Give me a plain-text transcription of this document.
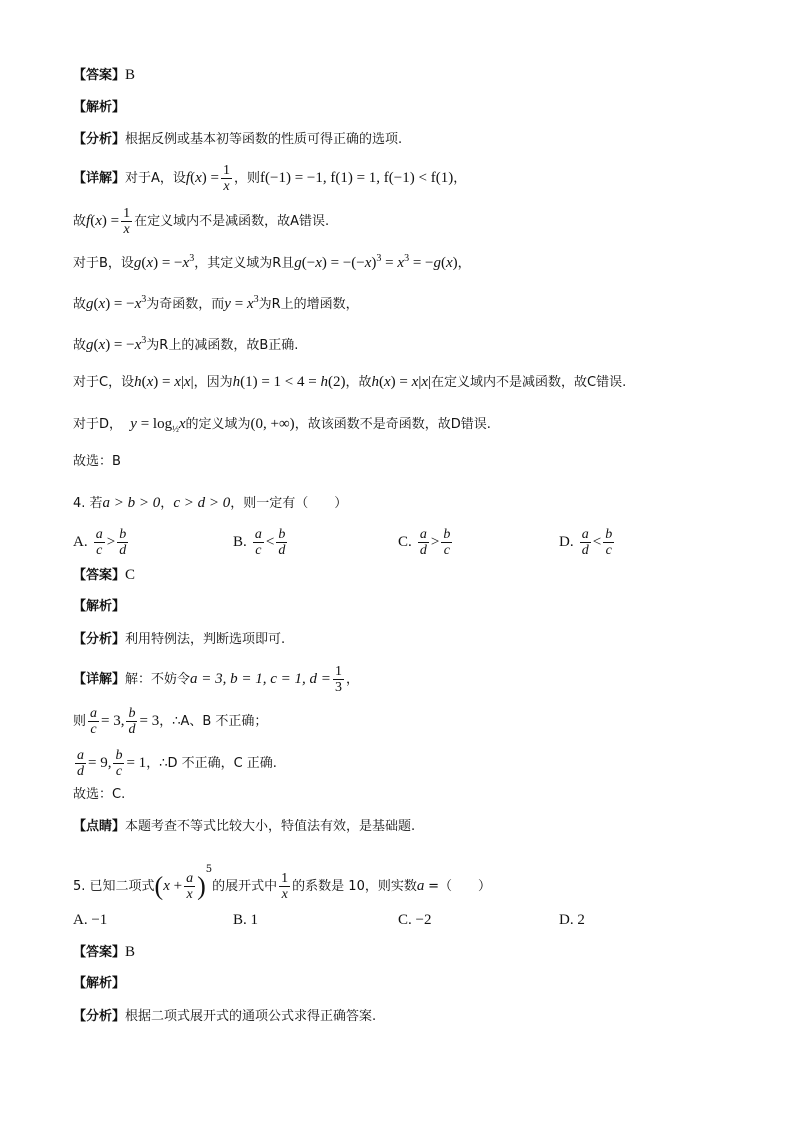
【答案】B
【解析】
【分析】根据反例或基本初等函数的性质可得正确的选项.
【详解】对于A，设$f(x) = \frac{1}{x}$ ，则f(−1) = −1, f(1) = 1, f(−1) < f(1)，
故$f(x) = \frac{1}{x}$ 在定义域内不是减函数，故A错误.
对于B，设$g(x) = -x^3$，其定义域为R且$g(-x) = -(-x)^3 = x^3 = -g(x)$，
故$g(x) = -x^3$为奇函数，而$y = x^3$为R上的增函数，
故$g(x) = -x^3$为R上的减函数，故B正确.
对于C，设h(x) = x|x|，因为h(1) = 1 < 4 = h(2)，故h(x) = x|x|在定义域内不是减函数，故C错误.
对于D， $y = \log_{\frac{1}{2}}x$的定义域为(0, +∞)，故该函数不是奇函数，故D错误.
故选：B
4. 若a > b > 0，c > d > 0，则一定有（　　）
A. $\frac{a}{c} > \frac{b}{d}$	B. $\frac{a}{c} < \frac{b}{d}$	C. $\frac{a}{d} > \frac{b}{c}$	D. $\frac{a}{d} < \frac{b}{c}$
【答案】C
【解析】
【分析】利用特例法，判断选项即可.
【详解】解：不妨令a = 3, b = 1, c = 1, $d = \frac{1}{3}$ ，
则 $\frac{a}{c} = 3$, $\frac{b}{d} = 3$，∴A、B 不正确；
$\frac{a}{d} = 9$, $\frac{b}{c} = 1$，∴D 不正确，C 正确.
故选：C.
【点睛】本题考查不等式比较大小，特值法有效，是基础题.
5. 已知二项式$(x + \frac{a}{x} )^5$的展开式中 $\frac{1}{x}$ 的系数是 10，则实数a =（　　）
A. −1	B. 1	C. −2	D. 2
【答案】B
【解析】
【分析】根据二项式展开式的通项公式求得正确答案.
